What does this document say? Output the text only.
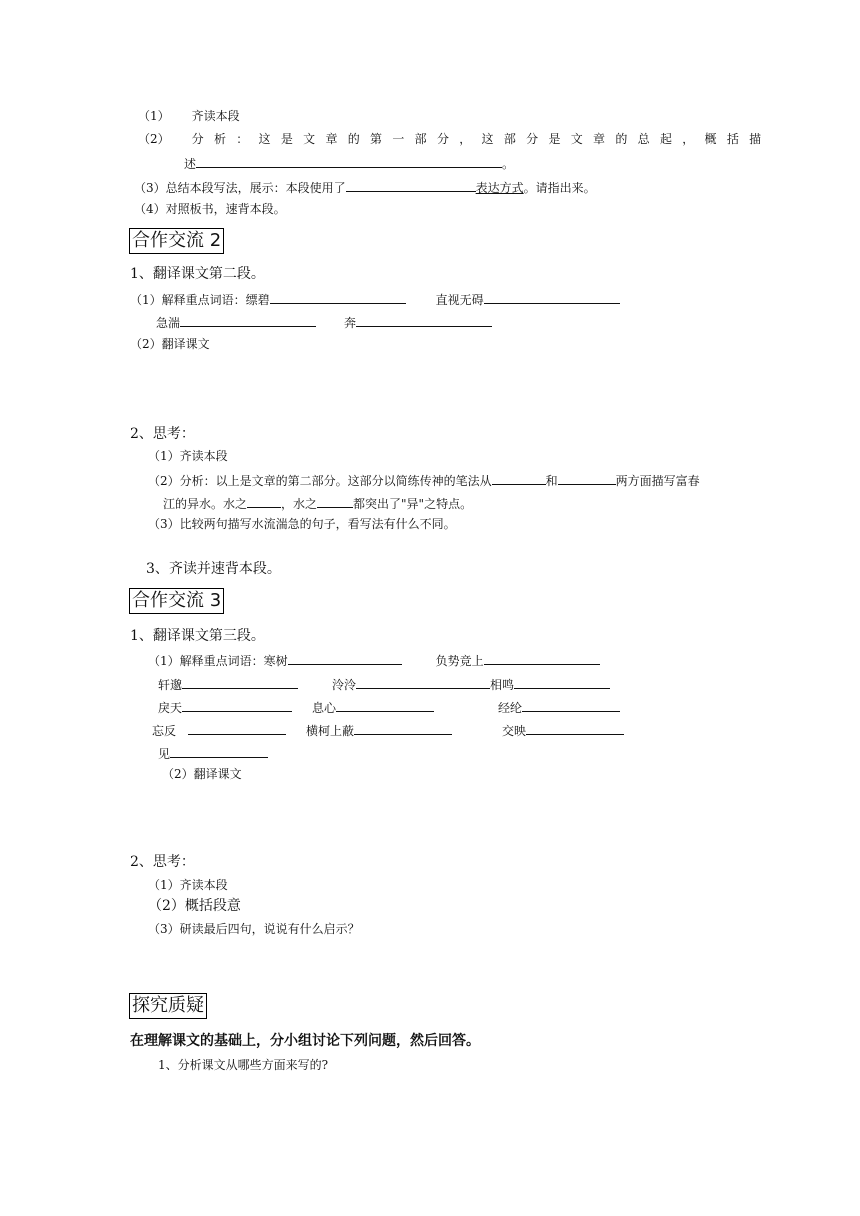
（1） 齐读本段
（2） 分析：这是文章的第一部分，这部分是文章的总起，概括描
述	。
（3）总结本段写法，展示：本段使用了	表达方式。请指出来。
（4）对照板书，速背本段。
合作交流 2
1、翻译课文第二段。
（1）解释重点词语：缥碧	直视无碍
急湍	奔
（2）翻译课文
2、思考：
（1）齐读本段
（2）分析：以上是文章的第二部分。这部分以简练传神的笔法从	和	两方面描写富春
江的异水。水之	，水之	都突出了"异"之特点。
（3）比较两句描写水流湍急的句子，看写法有什么不同。
3、齐读并速背本段。
合作交流 3
1、翻译课文第三段。
（1）解释重点词语：寒树	负势竞上
轩邈	泠泠	相鸣
戾天	息心	经纶
忘反	横柯上蔽	交映
见
（2）翻译课文
2、思考：
（1）齐读本段
（2）概括段意
（3）研读最后四句，说说有什么启示？
探究质疑
在理解课文的基础上，分小组讨论下列问题，然后回答。
1、分析课文从哪些方面来写的?
